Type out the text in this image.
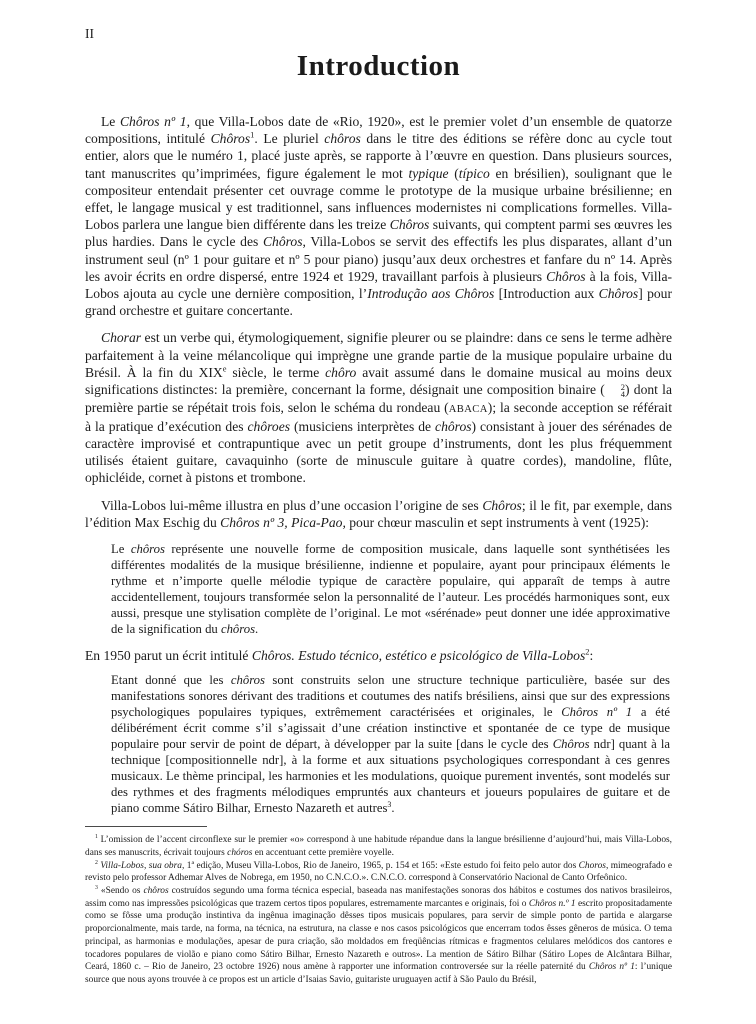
II
Introduction

Le Chôros nº 1, que Villa-Lobos date de «Rio, 1920», est le premier volet d’un ensemble de quatorze compositions, intitulé Chôros$^1$. Le pluriel chôros dans le titre des éditions se réfère donc au cycle tout entier, alors que le numéro 1, placé juste après, se rapporte à l’œuvre en question. Dans plusieurs sources, tant manuscrites qu’imprimées, figure également le mot typique (típico en brésilien), soulignant que le compositeur entendait présenter cet ouvrage comme le prototype de la musique urbaine brésilienne; en effet, le langage musical y est traditionnel, sans influences modernistes ni complications formelles. Villa-Lobos parlera une langue bien différente dans les treize Chôros suivants, qui comptent parmi ses œuvres les plus hardies. Dans le cycle des Chôros, Villa-Lobos se servit des effectifs les plus disparates, allant d’un instrument seul (nº 1 pour guitare et nº 5 pour piano) jusqu’aux deux orchestres et fanfare du nº 14. Après les avoir écrits en ordre dispersé, entre 1924 et 1929, travaillant parfois à plusieurs Chôros à la fois, Villa-Lobos ajouta au cycle une dernière composition, l’Introdução aos Chôros [Introduction aux Chôros] pour grand orchestre et guitare concertante.

Chorar est un verbe qui, étymologiquement, signifie pleurer ou se plaindre: dans ce sens le terme adhère parfaitement à la veine mélancolique qui imprègne une grande partie de la musique populaire urbaine du Brésil. À la fin du XIXe siècle, le terme chôro avait assumé dans le domaine musical au moins deux significations distinctes: la première, concernant la forme, désignait une composition binaire (	2
4 ) dont la première partie se répétait trois fois, selon le schéma du rondeau (ABACA); la seconde acception se référait à la pratique d’exécution des chôroes (musiciens interprètes de chôros) consistant à jouer des sérénades de caractère improvisé et contrapuntique avec un petit groupe d’instruments, dont les plus fréquemment utilisés étaient guitare, cavaquinho (sorte de minuscule guitare à quatre cordes), mandoline, flûte, ophicléide, cornet à pistons et trombone.

Villa-Lobos lui-même illustra en plus d’une occasion l’origine de ses Chôros; il le fit, par exemple, dans l’édition Max Eschig du Chôros nº 3, Pica-Pao, pour chœur masculin et sept instruments à vent (1925):

Le chôros représente une nouvelle forme de composition musicale, dans laquelle sont synthétisées les différentes modalités de la musique brésilienne, indienne et populaire, ayant pour principaux éléments le rythme et n’importe quelle mélodie typique de caractère populaire, qui apparaît de temps à autre accidentellement, toujours transformée selon la personnalité de l’auteur. Les procédés harmoniques sont, eux aussi, presque une stylisation complète de l’original. Le mot «sérénade» peut donner une idée approximative de la signification du chôros.

En 1950 parut un écrit intitulé Chôros. Estudo técnico, estético e psicológico de Villa-Lobos$^2$:

Etant donné que les chôros sont construits selon une structure technique particulière, basée sur des manifestations sonores dérivant des traditions et coutumes des natifs brésiliens, ainsi que sur des expressions psychologiques populaires typiques, extrêmement caractérisées et originales, le Chôros nº 1 a été délibérément écrit comme s’il s’agissait d’une création instinctive et spontanée de ce type de musique populaire pour servir de point de départ, à développer par la suite [dans le cycle des Chôros ndr] quant à la technique [compositionnelle ndr], à la forme et aux situations psychologiques correspondant à ces genres musicaux. Le thème principal, les harmonies et les modulations, quoique purement inventés, sont modelés sur des rythmes et des fragments mélodiques empruntés aux chanteurs et joueurs populaires de guitare et de piano comme Sátiro Bilhar, Ernesto Nazareth et autres$^3$.

$^1$ L’omission de l’accent circonflexe sur le premier «o» correspond à une habitude répandue dans la langue brésilienne d’aujourd’hui, mais Villa-Lobos, dans ses manuscrits, écrivait toujours chóros en accentuant cette première voyelle.

$^2$ Villa-Lobos, sua obra, 1ª edição, Museu Villa-Lobos, Rio de Janeiro, 1965, p. 154 et 165: «Este estudo foi feito pelo autor dos Choros, mimeografado e revisto pelo professor Adhemar Alves de Nobrega, em 1950, no C.N.C.O.». C.N.C.O. correspond à Conservatório Nacional de Canto Orfeônico.

$^3$ «Sendo os chôros costruídos segundo uma forma técnica especial, baseada nas manifestações sonoras dos hábitos e costumes dos nativos brasileiros, assim como nas impressões psicológicas que trazem certos tipos populares, estremamente marcantes e originais, foi o Chôros n.º 1 escrito propositadamente como se fôsse uma produção instintiva da ingênua imaginação dêsses tipos musicais populares, para servir de simple ponto de partida e alargarse proporcionalmente, mais tarde, na forma, na técnica, na estrutura, na classe e nos casos psicológicos que encerram todos êsses gêneros de música. O tema principal, as harmonias e modulações, apesar de pura criação, são moldados em freqüências rítmicas e fragmentos celulares melódicos dos cantores e tocadores populares de violão e piano como Sátiro Bilhar, Ernesto Nazareth e outros». La mention de Sátiro Bilhar (Sátiro Lopes de Alcântara Bilhar, Ceará, 1860 c. – Rio de Janeiro, 23 octobre 1926) nous amène à rapporter une information controversée sur la réelle paternité du Chôros nº 1: l’unique source que nous ayons trouvée à ce propos est un article d’Isaias Savio, guitariste uruguayen actif à São Paulo du Brésil,
